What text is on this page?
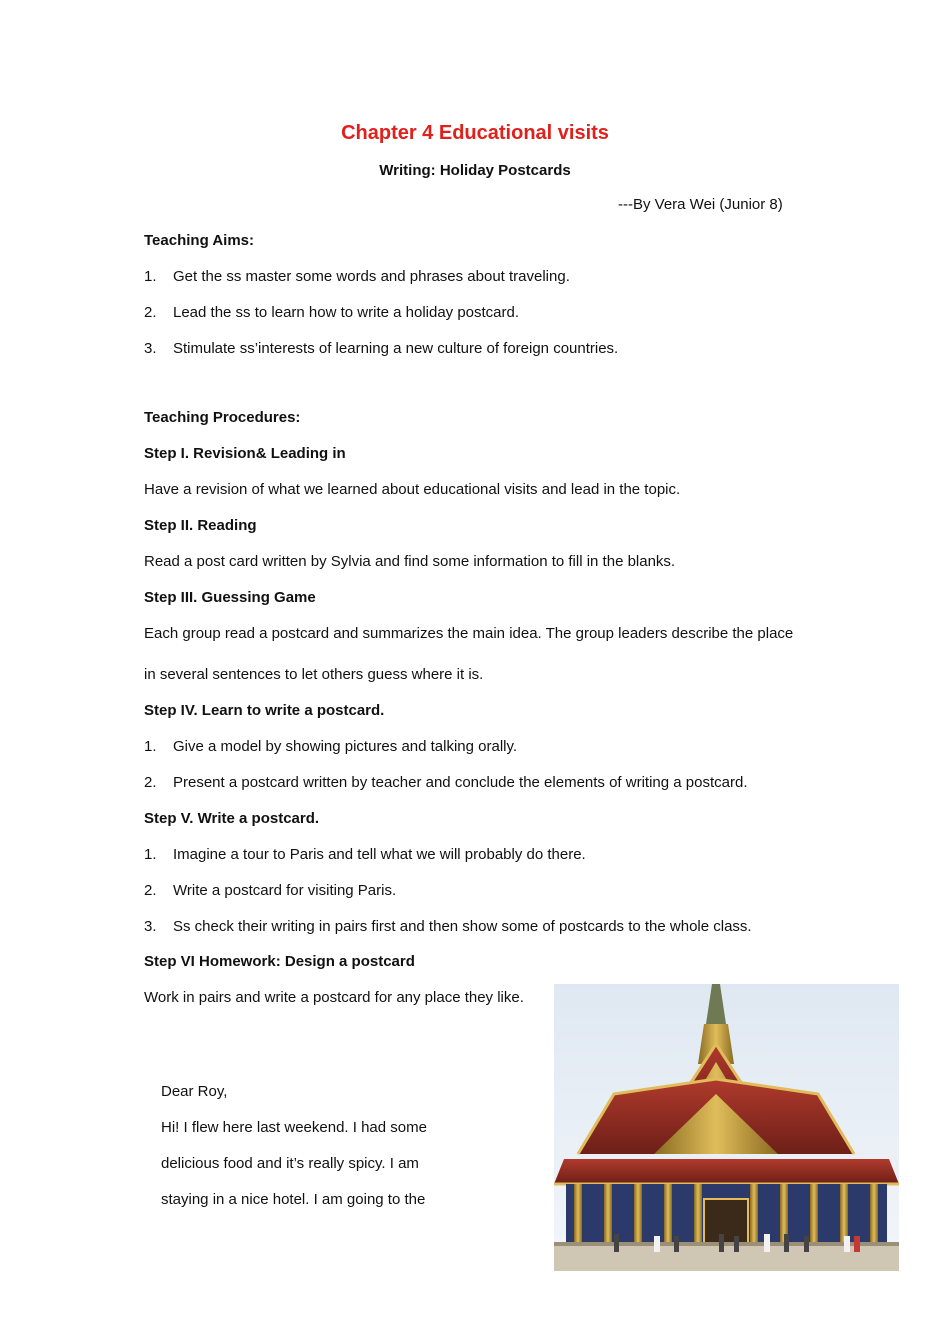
Chapter 4 Educational visits
Writing: Holiday Postcards
---By Vera Wei (Junior 8)
Teaching Aims:
1. Get the ss master some words and phrases about traveling.
2. Lead the ss to learn how to write a holiday postcard.
3. Stimulate ss’interests of learning a new culture of foreign countries.
Teaching Procedures:
Step I. Revision& Leading in
Have a revision of what we learned about educational visits and lead in the topic.
Step II. Reading
Read a post card written by Sylvia and find some information to fill in the blanks.
Step III. Guessing Game
Each group read a postcard and summarizes the main idea. The group leaders describe the place
in several sentences to let others guess where it is.
Step IV. Learn to write a postcard.
1. Give a model by showing pictures and talking orally.
2. Present a postcard written by teacher and conclude the elements of writing a postcard.
Step V. Write a postcard.
1. Imagine a tour to Paris and tell what we will probably do there.
2. Write a postcard for visiting Paris.
3. Ss check their writing in pairs first and then show some of postcards to the whole class.
Step VI Homework: Design a postcard
Work in pairs and write a postcard for any place they like.
Dear Roy,
Hi! I flew here last weekend. I had some
delicious food and it’s really spicy. I am
staying in a nice hotel. I am going to the
